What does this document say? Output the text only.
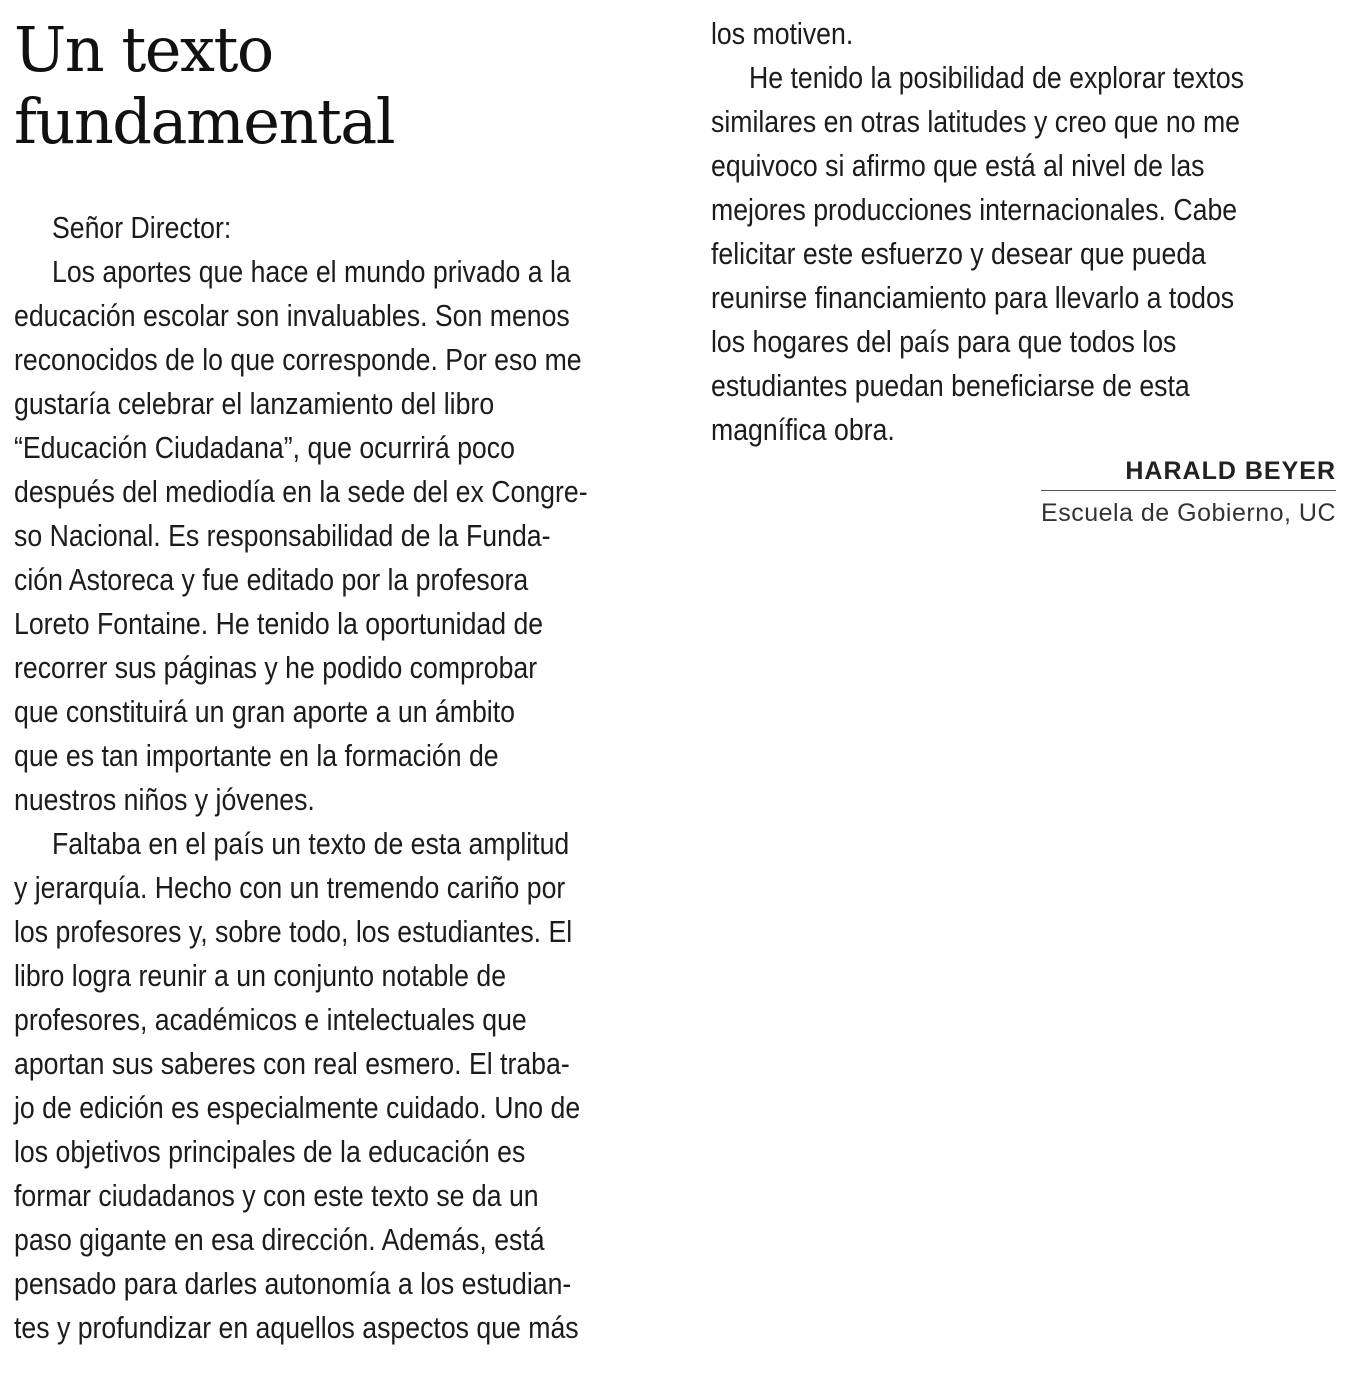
Un texto
fundamental

Señor Director:

Los aportes que hace el mundo privado a la

educación escolar son invaluables. Son menos

reconocidos de lo que corresponde. Por eso me

gustaría celebrar el lanzamiento del libro

“Educación Ciudadana”, que ocurrirá poco

después del mediodía en la sede del ex Congre-

so Nacional. Es responsabilidad de la Funda-

ción Astoreca y fue editado por la profesora

Loreto Fontaine. He tenido la oportunidad de

recorrer sus páginas y he podido comprobar

que constituirá un gran aporte a un ámbito

que es tan importante en la formación de

nuestros niños y jóvenes.

Faltaba en el país un texto de esta amplitud

y jerarquía. Hecho con un tremendo cariño por

los profesores y, sobre todo, los estudiantes. El

libro logra reunir a un conjunto notable de

profesores, académicos e intelectuales que

aportan sus saberes con real esmero. El traba-

jo de edición es especialmente cuidado. Uno de

los objetivos principales de la educación es

formar ciudadanos y con este texto se da un

paso gigante en esa dirección. Además, está

pensado para darles autonomía a los estudian-

tes y profundizar en aquellos aspectos que más

los motiven.

He tenido la posibilidad de explorar textos

similares en otras latitudes y creo que no me

equivoco si afirmo que está al nivel de las

mejores producciones internacionales. Cabe

felicitar este esfuerzo y desear que pueda

reunirse financiamiento para llevarlo a todos

los hogares del país para que todos los

estudiantes puedan beneficiarse de esta

magnífica obra.

HARALD BEYER
Escuela de Gobierno, UC
